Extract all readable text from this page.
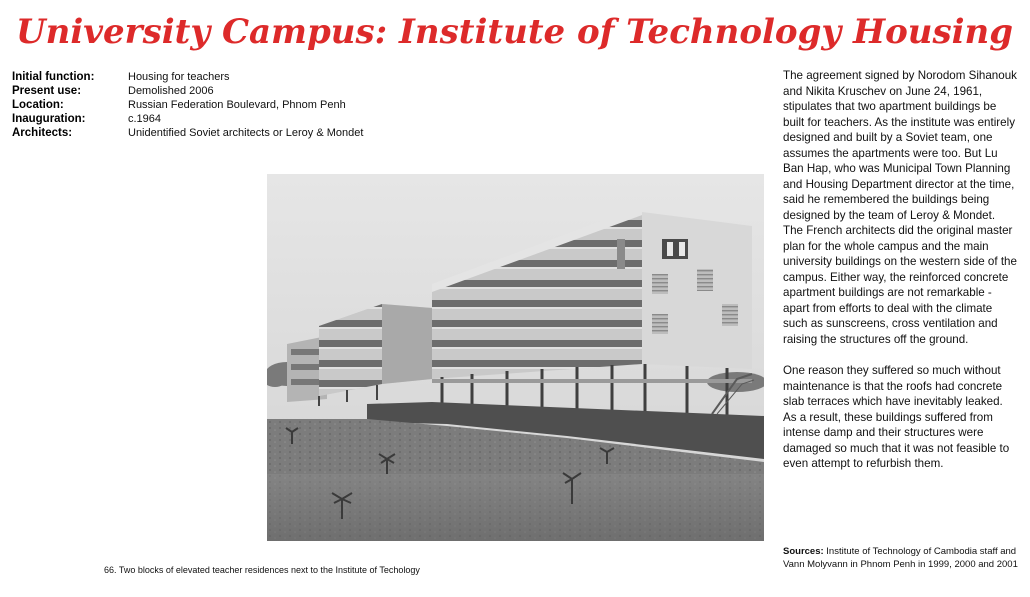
University Campus: Institute of Technology Housing
Initial function:	Housing for teachers
Present use:	Demolished 2006
Location:	Russian Federation Boulevard, Phnom Penh
Inauguration:	c.1964
Architects:	Unidentified Soviet architects or Leroy & Mondet
66. Two blocks of elevated teacher residences next to the Institute of Techology

The agreement signed by Norodom Sihanouk and Nikita Kruschev on June 24, 1961, stipulates that two apartment buildings be built for teachers. As the institute was entirely designed and built by a Soviet team, one assumes the apartments were too. But Lu Ban Hap, who was Municipal Town Planning and Housing Department director at the time, said he remembered the buildings being designed by the team of Leroy & Mondet. The French architects did the original master plan for the whole campus and the main university buildings on the western side of the campus. Either way, the reinforced concrete apartment buildings are not remarkable - apart from efforts to deal with the climate such as sunscreens, cross ventilation and raising the structures off the ground.

One reason they suffered so much without maintenance is that the roofs had concrete slab terraces which have inevitably leaked. As a result, these buildings suffered from intense damp and their structures were damaged so much that it was not feasible to even attempt to refurbish them.

Sources: Institute of Technology of Cambodia staff and Vann Molyvann in Phnom Penh in 1999, 2000 and 2001
